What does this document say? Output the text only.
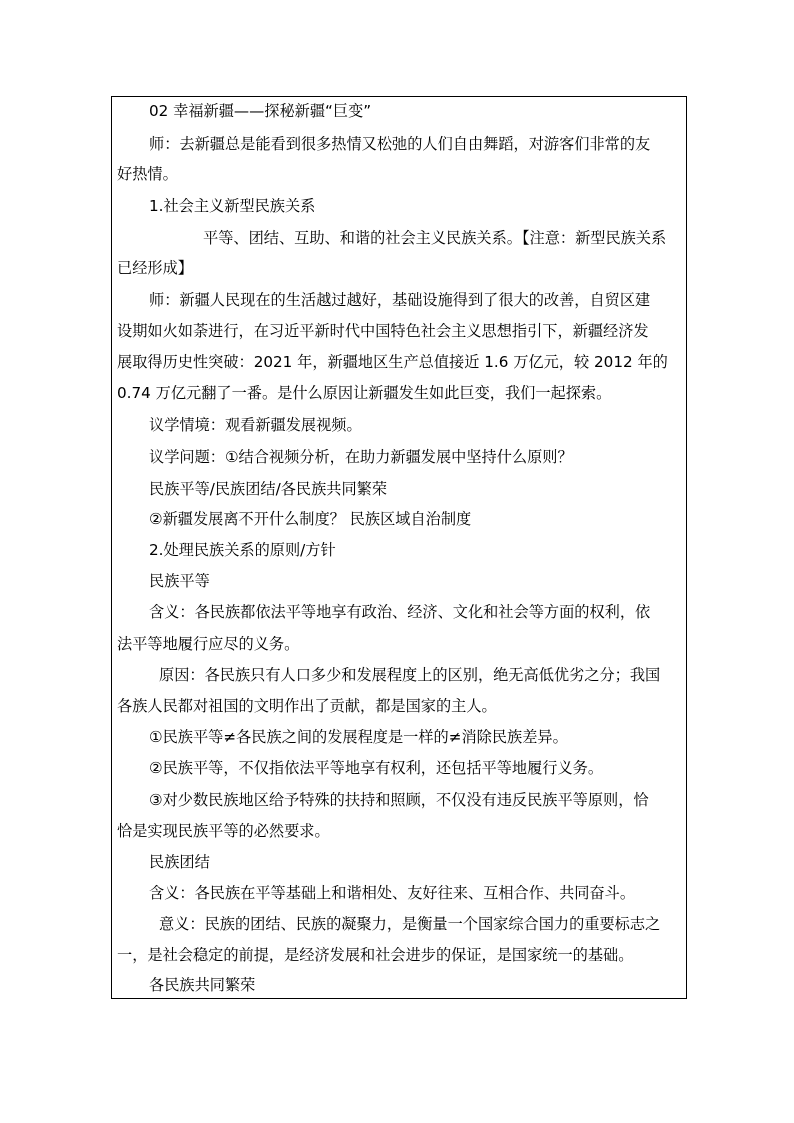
02 幸福新疆——探秘新疆“巨变”
师：去新疆总是能看到很多热情又松弛的人们自由舞蹈，对游客们非常的友
好热情。
1.社会主义新型民族关系
平等、团结、互助、和谐的社会主义民族关系。【注意：新型民族关系
已经形成】
师：新疆人民现在的生活越过越好，基础设施得到了很大的改善，自贸区建
设期如火如荼进行，在习近平新时代中国特色社会主义思想指引下，新疆经济发
展取得历史性突破：2021 年，新疆地区生产总值接近 1.6 万亿元，较 2012 年的
0.74 万亿元翻了一番。是什么原因让新疆发生如此巨变，我们一起探索。
议学情境：观看新疆发展视频。
议学问题：①结合视频分析，在助力新疆发展中坚持什么原则？
民族平等/民族团结/各民族共同繁荣
②新疆发展离不开什么制度？ 民族区域自治制度
2.处理民族关系的原则/方针
民族平等
含义：各民族都依法平等地享有政治、经济、文化和社会等方面的权利，依
法平等地履行应尽的义务。
原因：各民族只有人口多少和发展程度上的区别，绝无高低优劣之分；我国
各族人民都对祖国的文明作出了贡献，都是国家的主人。
①民族平等≠各民族之间的发展程度是一样的≠消除民族差异。
②民族平等，不仅指依法平等地享有权利，还包括平等地履行义务。
③对少数民族地区给予特殊的扶持和照顾，不仅没有违反民族平等原则，恰
恰是实现民族平等的必然要求。
民族团结
含义：各民族在平等基础上和谐相处、友好往来、互相合作、共同奋斗。
意义：民族的团结、民族的凝聚力，是衡量一个国家综合国力的重要标志之
一，是社会稳定的前提，是经济发展和社会进步的保证，是国家统一的基础。
各民族共同繁荣
